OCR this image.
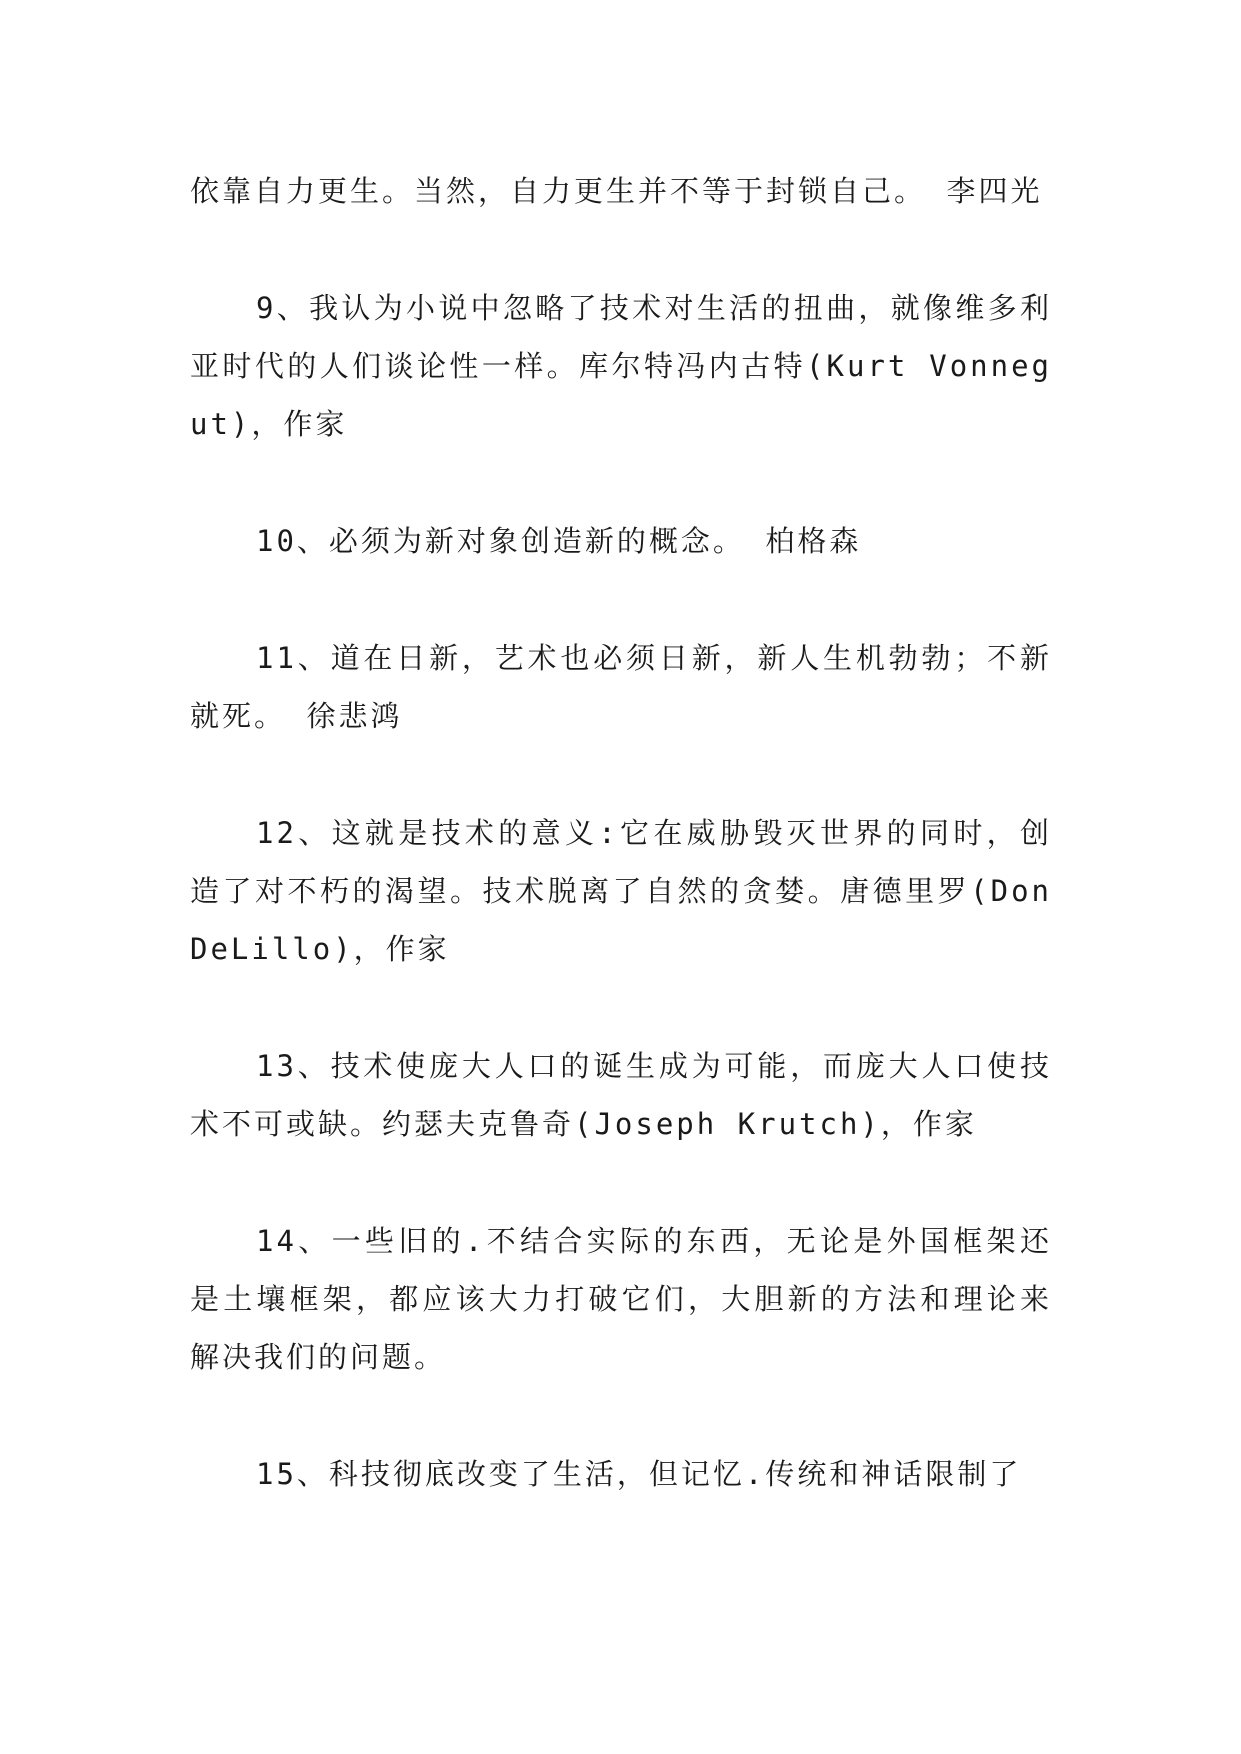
依靠自力更生。当然，自力更生并不等于封锁自己。 李四光

9、我认为小说中忽略了技术对生活的扭曲，就像维多利亚时代的人们谈论性一样。库尔特冯内古特(Kurt Vonnegut)，作家

10、必须为新对象创造新的概念。 柏格森

11、道在日新，艺术也必须日新，新人生机勃勃；不新就死。 徐悲鸿

12、这就是技术的意义:它在威胁毁灭世界的同时，创造了对不朽的渴望。技术脱离了自然的贪婪。唐德里罗(Don DeLillo)，作家

13、技术使庞大人口的诞生成为可能，而庞大人口使技术不可或缺。约瑟夫克鲁奇(Joseph Krutch)，作家

14、一些旧的.不结合实际的东西，无论是外国框架还是土壤框架，都应该大力打破它们，大胆新的方法和理论来解决我们的问题。

15、科技彻底改变了生活，但记忆.传统和神话限制了
